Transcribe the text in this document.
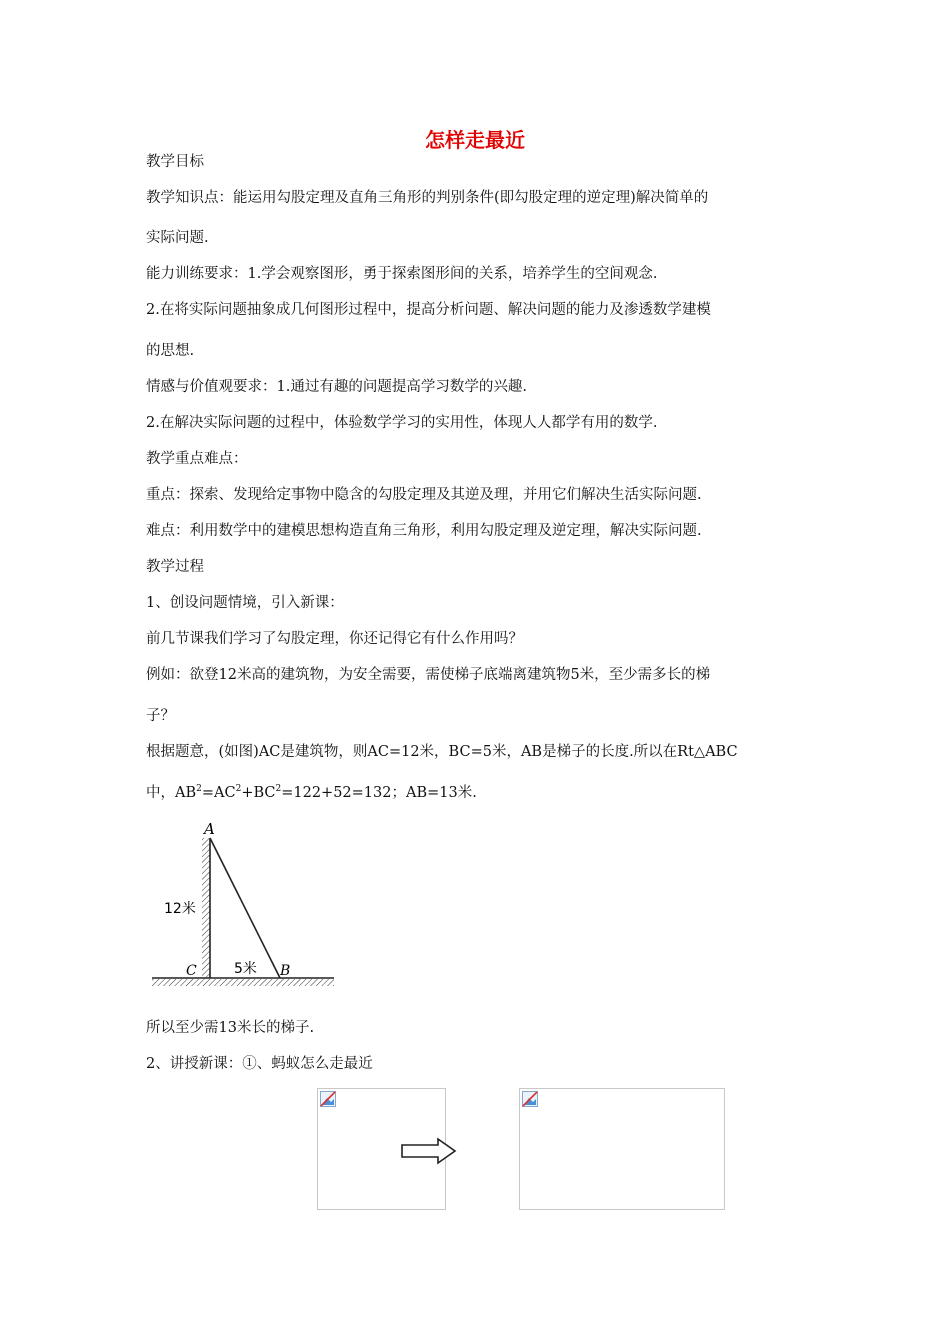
怎样走最近
教学目标
教学知识点：能运用勾股定理及直角三角形的判别条件(即勾股定理的逆定理)解决简单的
实际问题.
能力训练要求：1.学会观察图形，勇于探索图形间的关系，培养学生的空间观念.
2.在将实际问题抽象成几何图形过程中，提高分析问题、解决问题的能力及渗透数学建模
的思想.
情感与价值观要求：1.通过有趣的问题提高学习数学的兴趣.
2.在解决实际问题的过程中，体验数学学习的实用性，体现人人都学有用的数学.
教学重点难点：
重点：探索、发现给定事物中隐含的勾股定理及其逆及理，并用它们解决生活实际问题.
难点：利用数学中的建模思想构造直角三角形，利用勾股定理及逆定理，解决实际问题.
教学过程
1、创设问题情境，引入新课：
前几节课我们学习了勾股定理，你还记得它有什么作用吗？
例如：欲登12米高的建筑物，为安全需要，需使梯子底端离建筑物5米，至少需多长的梯
子？
根据题意，(如图)AC是建筑物，则AC=12米，BC=5米，AB是梯子的长度.所以在Rt△ABC
中，$AB^2=AC^2+BC^2=122+52=132$；AB=13米.
A
B
C
12米
5米
所以至少需13米长的梯子.
2、讲授新课：①、蚂蚁怎么走最近
